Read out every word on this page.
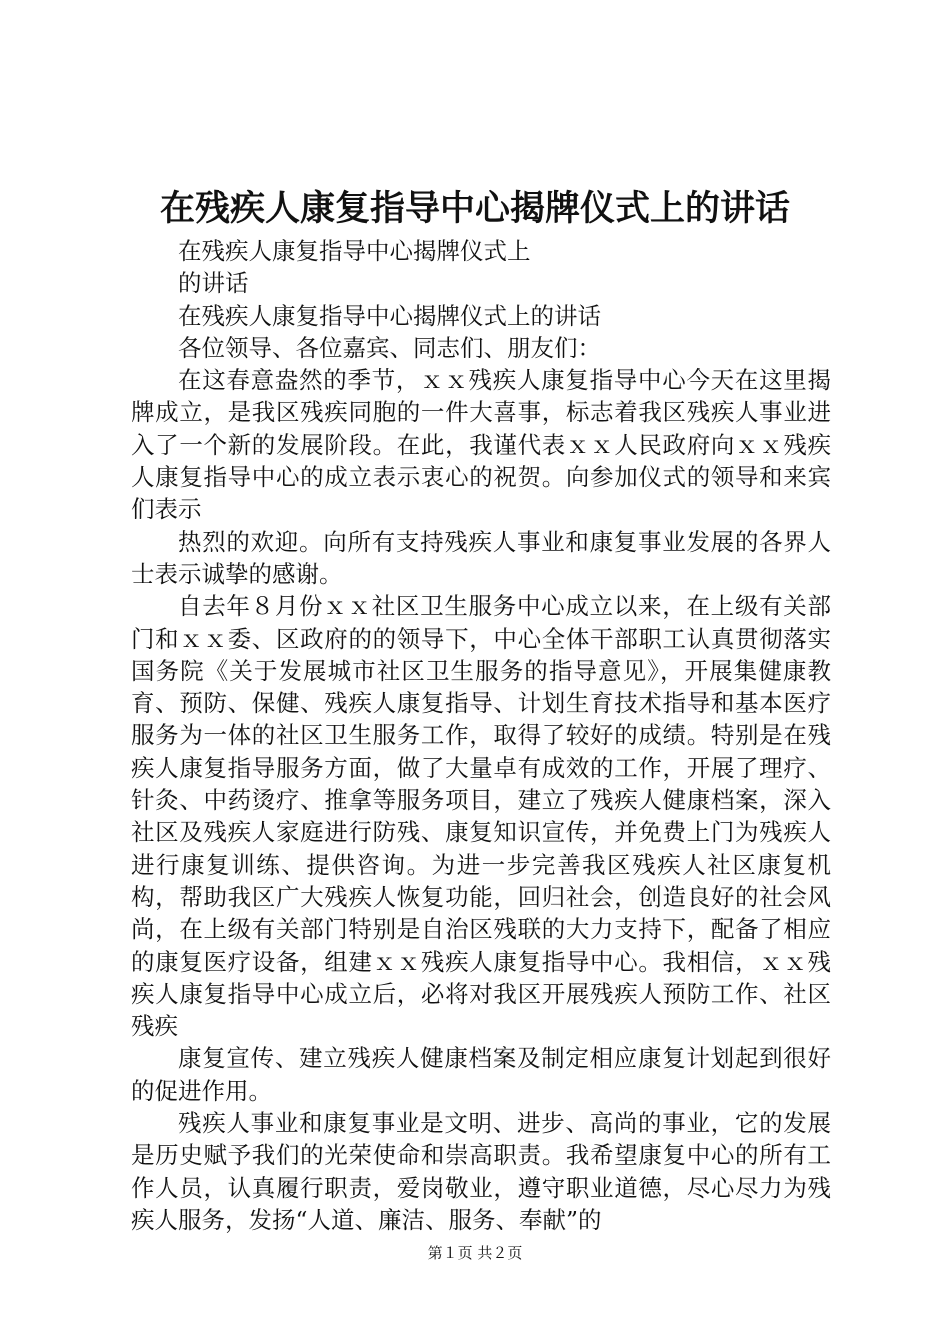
在残疾人康复指导中心揭牌仪式上的讲话

在残疾人康复指导中心揭牌仪式上

的讲话

在残疾人康复指导中心揭牌仪式上的讲话

各位领导、各位嘉宾、同志们、朋友们：

在这春意盎然的季节，ｘｘ残疾人康复指导中心今天在这里揭牌成立，是我区残疾同胞的一件大喜事，标志着我区残疾人事业进入了一个新的发展阶段。在此，我谨代表ｘｘ人民政府向ｘｘ残疾人康复指导中心的成立表示衷心的祝贺。向参加仪式的领导和来宾们表示

热烈的欢迎。向所有支持残疾人事业和康复事业发展的各界人士表示诚挚的感谢。

自去年８月份ｘｘ社区卫生服务中心成立以来，在上级有关部门和ｘｘ委、区政府的的领导下，中心全体干部职工认真贯彻落实国务院《关于发展城市社区卫生服务的指导意见》，开展集健康教育、预防、保健、残疾人康复指导、计划生育技术指导和基本医疗服务为一体的社区卫生服务工作，取得了较好的成绩。特别是在残疾人康复指导服务方面，做了大量卓有成效的工作，开展了理疗、针灸、中药烫疗、推拿等服务项目，建立了残疾人健康档案，深入社区及残疾人家庭进行防残、康复知识宣传，并免费上门为残疾人进行康复训练、提供咨询。为进一步完善我区残疾人社区康复机构，帮助我区广大残疾人恢复功能，回归社会，创造良好的社会风尚，在上级有关部门特别是自治区残联的大力支持下，配备了相应的康复医疗设备，组建ｘｘ残疾人康复指导中心。我相信，ｘｘ残疾人康复指导中心成立后，必将对我区开展残疾人预防工作、社区残疾

康复宣传、建立残疾人健康档案及制定相应康复计划起到很好的促进作用。

残疾人事业和康复事业是文明、进步、高尚的事业，它的发展是历史赋予我们的光荣使命和崇高职责。我希望康复中心的所有工作人员，认真履行职责，爱岗敬业，遵守职业道德，尽心尽力为残疾人服务，发扬“人道、廉洁、服务、奉献”的

第１页 共２页
